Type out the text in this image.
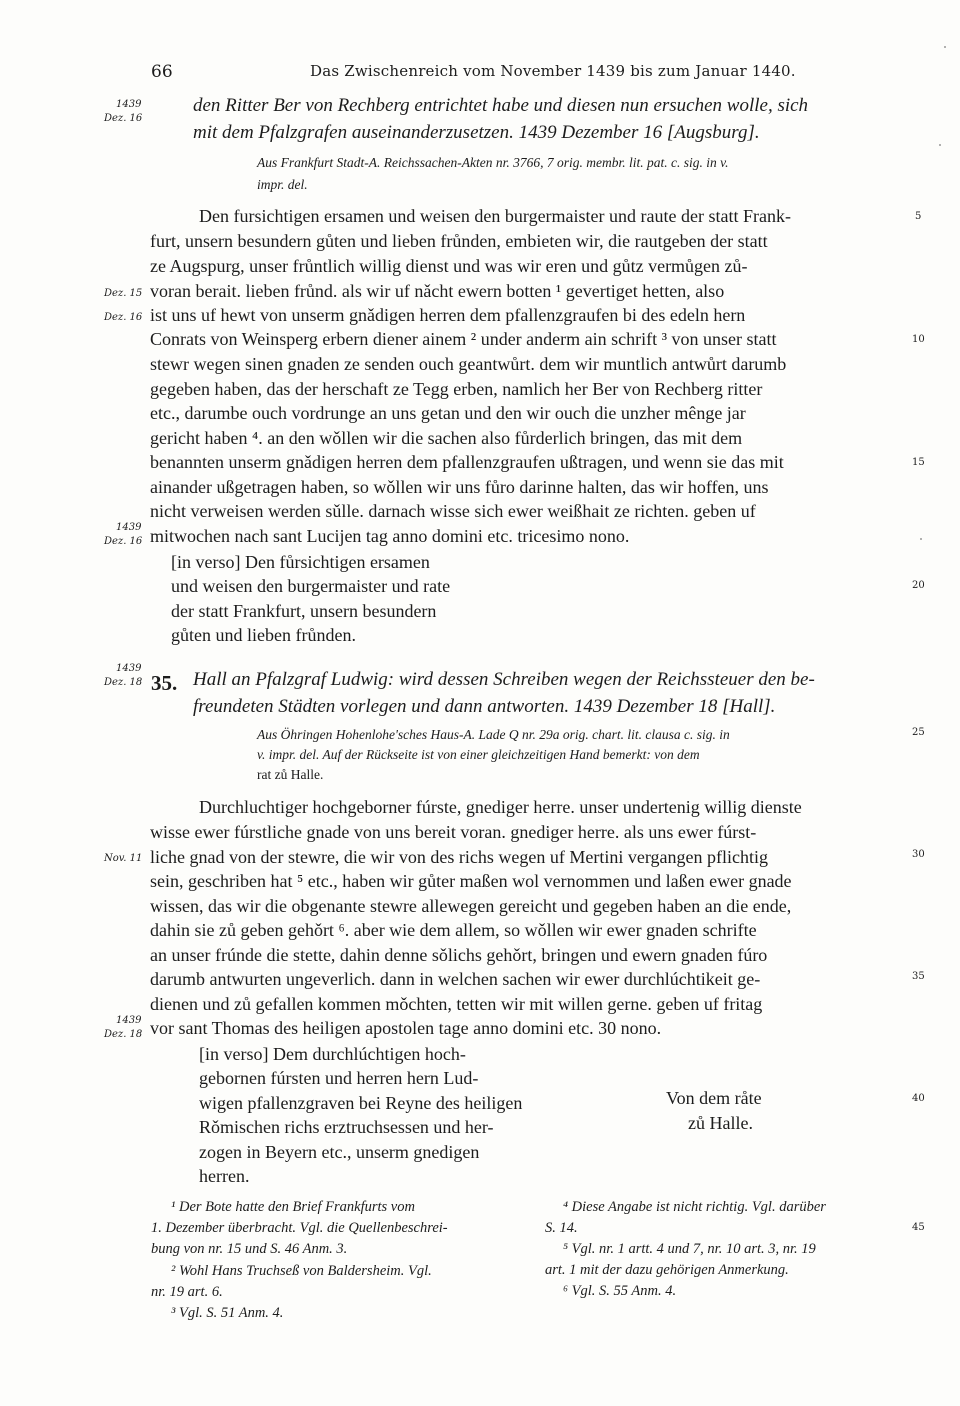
66	Das Zwischenreich vom November 1439 bis zum Januar 1440.
1439
Dez. 16
den Ritter Ber von Rechberg entrichtet habe und diesen nun ersuchen wolle, sich
mit dem Pfalzgrafen auseinanderzusetzen. 1439 Dezember 16 [Augsburg].
Aus Frankfurt Stadt-A. Reichssachen-Akten nr. 3766, 7 orig. membr. lit. pat. c. sig. in v.
impr. del.
Den fursichtigen ersamen und weisen den burgermaister und raute der statt Frank-
furt, unsern besundern gůten und lieben frůnden, embieten wir, die rautgeben der statt
ze Augspurg, unser frůntlich willig dienst und was wir eren und gůtz vermůgen zů-
voran berait. lieben frůnd. als wir uf nǎcht ewern botten ¹ gevertiget hetten, also
ist uns uf hewt von unserm gnǎdigen herren dem pfallenzgraufen bi des edeln hern
Conrats von Weinsperg erbern diener ainem ² under anderm ain schrift ³ von unser statt
stewr wegen sinen gnaden ze senden ouch geantwůrt. dem wir muntlich antwůrt darumb
gegeben haben, das der herschaft ze Tegg erben, namlich her Ber von Rechberg ritter
etc., darumbe ouch vordrunge an uns getan und den wir ouch die unzher mênge jar
gericht haben ⁴. an den wǒllen wir die sachen also fůrderlich bringen, das mit dem
benannten unserm gnǎdigen herren dem pfallenzgraufen ußtragen, und wenn sie das mit
ainander ußgetragen haben, so wǒllen wir uns fůro darinne halten, das wir hoffen, uns
nicht verweisen werden sǔlle. darnach wisse sich ewer weißhait ze richten. geben uf
mitwochen nach sant Lucijen tag anno domini etc. tricesimo nono.
[in verso] Den fůrsichtigen ersamen
und weisen den burgermaister und rate
der statt Frankfurt, unsern besundern
gůten und lieben frůnden.
Dez. 15
Dez. 16
1439
Dez. 16
5
10
15
20
1439
Dez. 18 35. Hall an Pfalzgraf Ludwig: wird dessen Schreiben wegen der Reichssteuer den be-
freundeten Städten vorlegen und dann antworten. 1439 Dezember 18 [Hall].
Aus Öhringen Hohenlohe'sches Haus-A. Lade Q nr. 29a orig. chart. lit. clausa c. sig. in
v. impr. del. Auf der Rückseite ist von einer gleichzeitigen Hand bemerkt: von dem
rat zů Halle.
Durchluchtiger hochgeborner fúrste, gnediger herre. unser undertenig willig dienste
wisse ewer fúrstliche gnade von uns bereit voran. gnediger herre. als uns ewer fúrst-
liche gnad von der stewre, die wir von des richs wegen uf Mertini vergangen pflichtig
sein, geschriben hat ⁵ etc., haben wir gůter maßen wol vernommen und laßen ewer gnade
wissen, das wir die obgenante stewre allewegen gereicht und gegeben haben an die ende,
dahin sie zů geben gehǒrt ⁶. aber wie dem allem, so wǒllen wir ewer gnaden schrifte
an unser frúnde die stette, dahin denne sǒlichs gehǒrt, bringen und ewern gnaden fúro
darumb antwurten ungeverlich. dann in welchen sachen wir ewer durchlúchtikeit ge-
dienen und zů gefallen kommen mǒchten, tetten wir mit willen gerne. geben uf fritag
vor sant Thomas des heiligen apostolen tage anno domini etc. 30 nono.
[in verso] Dem durchlúchtigen hoch-
gebornen fúrsten und herren hern Lud-
wigen pfallenzgraven bei Reyne des heiligen
Rǒmischen richs erztruchsessen und her-
zogen in Beyern etc., unserm gnedigen
herren.
Von dem råte
zů Halle.
Nov. 11
1439
Dez. 18
25
30
35
40
45
¹ Der Bote hatte den Brief Frankfurts vom
1. Dezember überbracht. Vgl. die Quellenbeschrei-
bung von nr. 15 und S. 46 Anm. 3.
² Wohl Hans Truchseß von Baldersheim. Vgl.
nr. 19 art. 6.
³ Vgl. S. 51 Anm. 4.
⁴ Diese Angabe ist nicht richtig. Vgl. darüber
S. 14.
⁵ Vgl. nr. 1 artt. 4 und 7, nr. 10 art. 3, nr. 19
art. 1 mit der dazu gehörigen Anmerkung.
⁶ Vgl. S. 55 Anm. 4.
